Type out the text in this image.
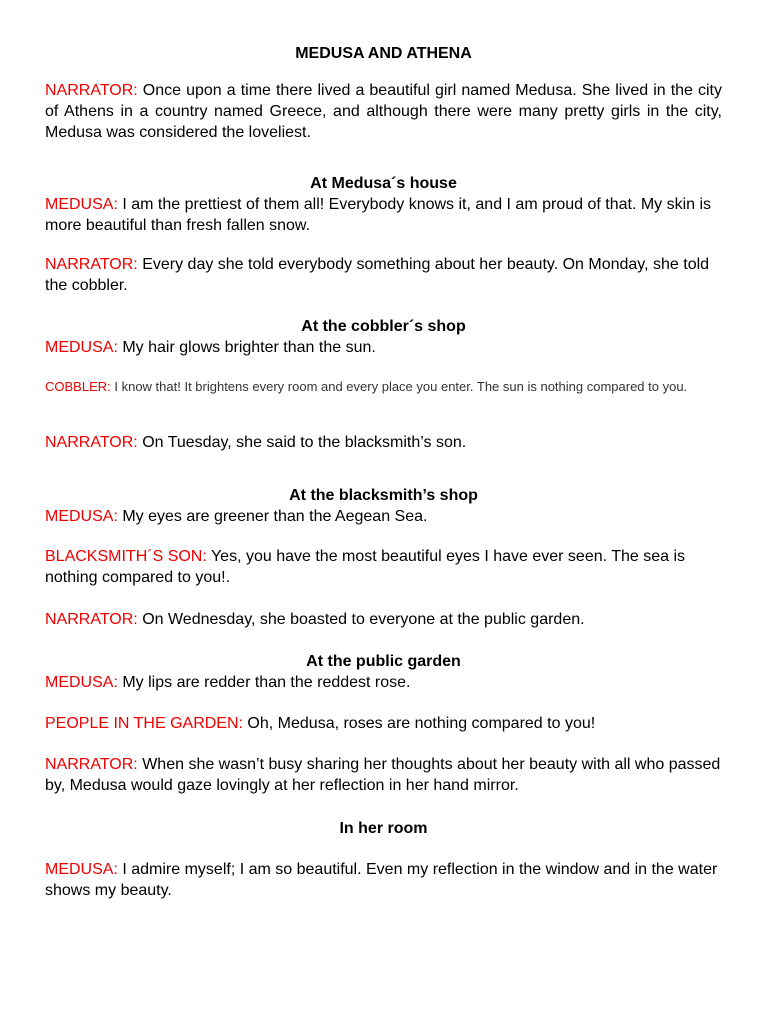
MEDUSA AND ATHENA

NARRATOR: Once upon a time there lived a beautiful girl named Medusa. She lived in the city of Athens in a country named Greece, and although there were many pretty girls in the city, Medusa was considered the loveliest.

At Medusa´s house

MEDUSA: I am the prettiest of them all! Everybody knows it, and I am proud of that. My skin is more beautiful than fresh fallen snow.

NARRATOR: Every day she told everybody something about her beauty. On Monday, she told the cobbler.

At the cobbler´s shop

MEDUSA: My hair glows brighter than the sun.

COBBLER: I know that! It brightens every room and every place you enter. The sun is nothing compared to you.

NARRATOR: On Tuesday, she said to the blacksmith’s son.

At the blacksmith’s shop

MEDUSA: My eyes are greener than the Aegean Sea.

BLACKSMITH´S SON: Yes, you have the most beautiful eyes I have ever seen. The sea is nothing compared to you!.

NARRATOR: On Wednesday, she boasted to everyone at the public garden.

At the public garden

MEDUSA: My lips are redder than the reddest rose.

PEOPLE IN THE GARDEN: Oh, Medusa, roses are nothing compared to you!

NARRATOR: When she wasn’t busy sharing her thoughts about her beauty with all who passed by, Medusa would gaze lovingly at her reflection in her hand mirror.

In her room

MEDUSA: I admire myself; I am so beautiful. Even my reflection in the window and in the water shows my beauty.
